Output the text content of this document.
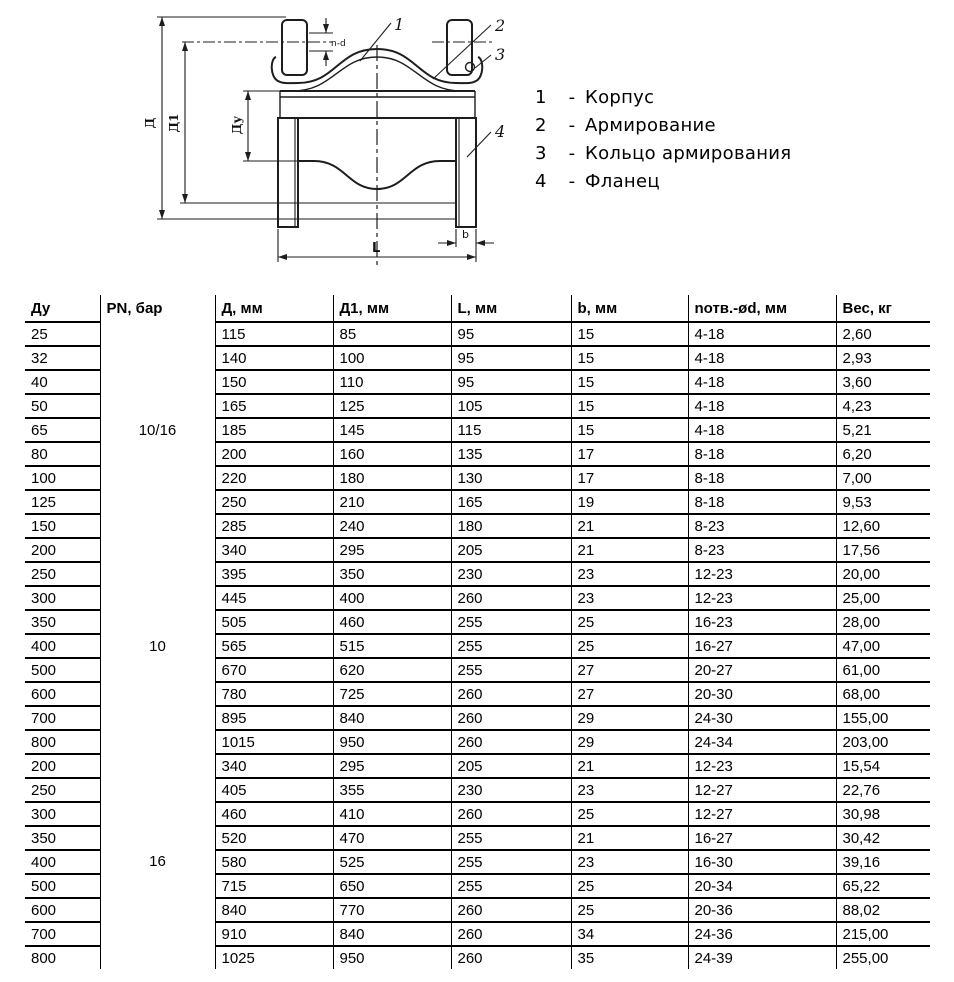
n-d
Д Д1	Ду
L
b
1	2
3
4
1	- Корпус
2	- Армирование
3	- Кольцо армирования
4	- Фланец
Ду	PN, бар	Д, мм	Д1, мм	L, мм	b, мм	nотв.-ød, мм	Вес, кг
25	10/16	115	85	95	15	4-18	2,60
32		140	100	95	15	4-18	2,93
40		150	110	95	15	4-18	3,60
50		165	125	105	15	4-18	4,23
65		185	145	115	15	4-18	5,21
80		200	160	135	17	8-18	6,20
100		220	180	130	17	8-18	7,00
125		250	210	165	19	8-18	9,53
150		285	240	180	21	8-23	12,60
200	10	340	295	205	21	8-23	17,56
250		395	350	230	23	12-23	20,00
300		445	400	260	23	12-23	25,00
350		505	460	255	25	16-23	28,00
400		565	515	255	25	16-27	47,00
500		670	620	255	27	20-27	61,00
600		780	725	260	27	20-30	68,00
700		895	840	260	29	24-30	155,00
800		1015	950	260	29	24-34	203,00
200	16	340	295	205	21	12-23	15,54
250		405	355	230	23	12-27	22,76
300		460	410	260	25	12-27	30,98
350		520	470	255	21	16-27	30,42
400		580	525	255	23	16-30	39,16
500		715	650	255	25	20-34	65,22
600		840	770	260	25	20-36	88,02
700		910	840	260	34	24-36	215,00
800		1025	950	260	35	24-39	255,00
